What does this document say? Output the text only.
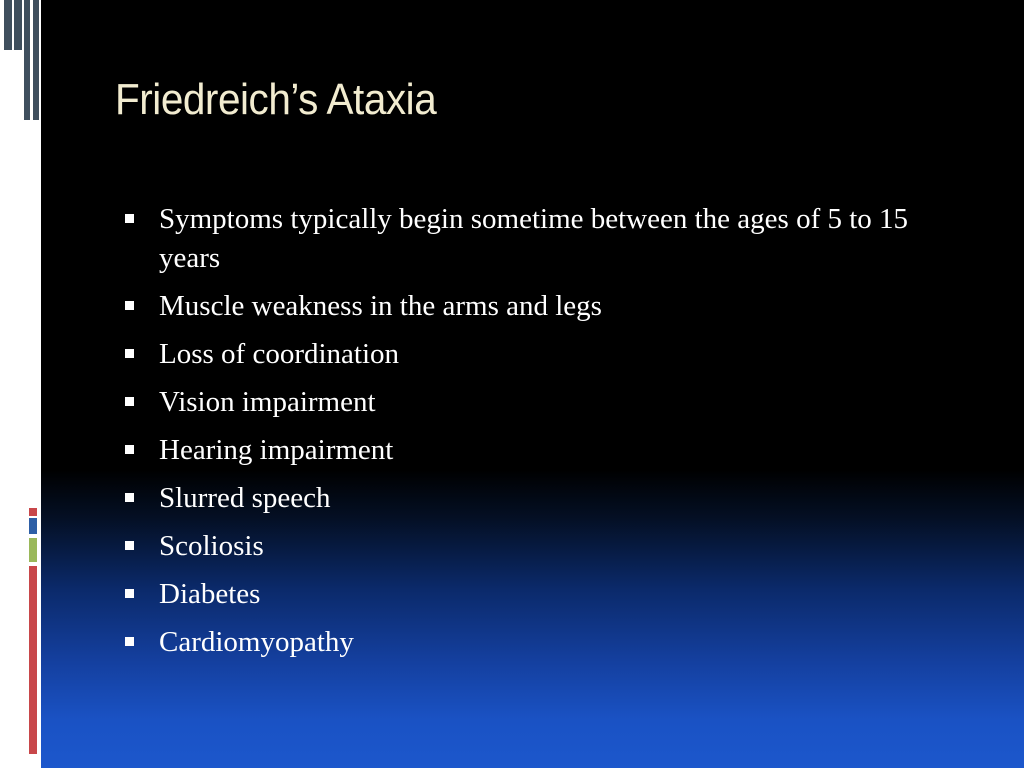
Friedreich’s Ataxia
Symptoms typically begin sometime between the ages of 5 to 15 years
Muscle weakness in the arms and legs
Loss of coordination
Vision impairment
Hearing impairment
Slurred speech
Scoliosis
Diabetes
Cardiomyopathy
